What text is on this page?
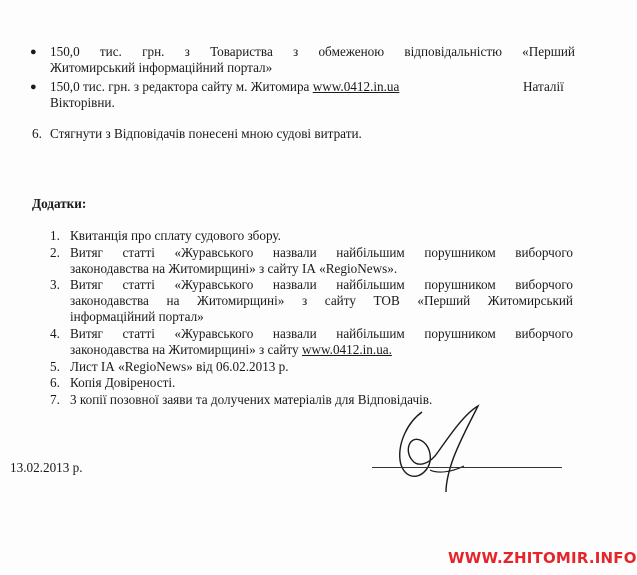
● 150,0 тис. грн. з Товариства з обмеженою відповідальністю «Перший
Житомирський інформаційний портал»
● 150,0 тис. грн. з редактора сайту м. Житомира www.0412.in.ua	Наталії
Вікторівни.
6. Стягнути з Відповідачів понесені мною судові витрати.
Додатки:
1. Квитанція про сплату судового збору.
2. Витяг статті «Журавського назвали найбільшим порушником виборчого
законодавства на Житомирщині» з сайту ІА «RegioNews».
3. Витяг статті «Журавського назвали найбільшим порушником виборчого
законодавства на Житомирщині» з сайту ТОВ «Перший Житомирський
інформаційний портал»
4. Витяг статті «Журавського назвали найбільшим порушником виборчого
законодавства на Житомирщині» з сайту www.0412.in.ua.
5. Лист ІА «RegioNews» від 06.02.2013 р.
6. Копія Довіреності.
7. 3 копії позовної заяви та долучених матеріалів для Відповідачів.
13.02.2013 р.
WWW.ZHITOMIR.INFO
